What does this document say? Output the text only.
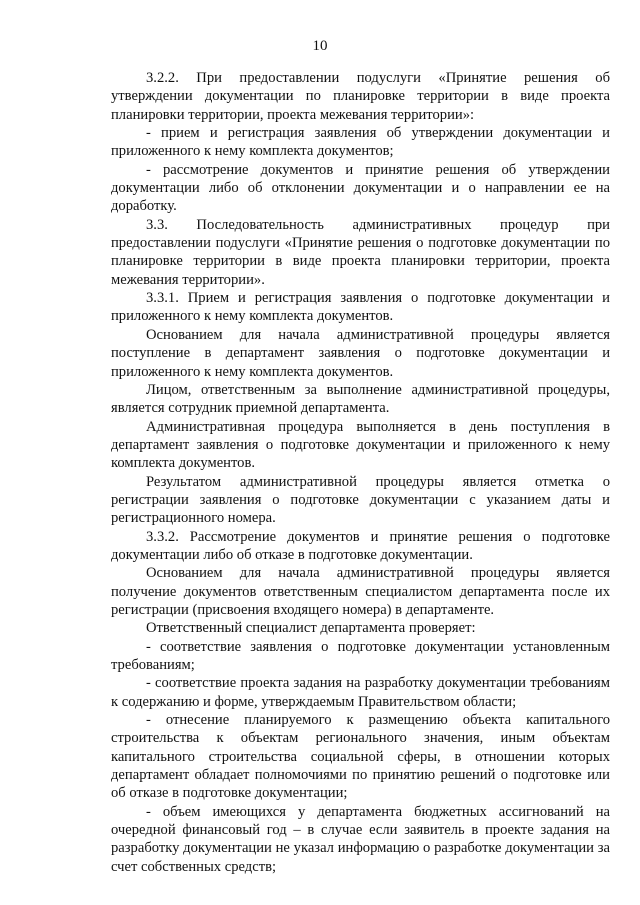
10

3.2.2. При предоставлении подуслуги «Принятие решения об утверждении документации по планировке территории в виде проекта планировки территории, проекта межевания территории»:

- прием и регистрация заявления об утверждении документации и приложенного к нему комплекта документов;

- рассмотрение документов и принятие решения об утверждении документации либо об отклонении документации и о направлении ее на доработку.

3.3. Последовательность административных процедур при предоставлении подуслуги «Принятие решения о подготовке документации по планировке территории в виде проекта планировки территории, проекта межевания территории».

3.3.1. Прием и регистрация заявления о подготовке документации и приложенного к нему комплекта документов.

Основанием для начала административной процедуры является поступление в департамент заявления о подготовке документации и приложенного к нему комплекта документов.

Лицом, ответственным за выполнение административной процедуры, является сотрудник приемной департамента.

Административная процедура выполняется в день поступления в департамент заявления о подготовке документации и приложенного к нему комплекта документов.

Результатом административной процедуры является отметка о регистрации заявления о подготовке документации с указанием даты и регистрационного номера.

3.3.2. Рассмотрение документов и принятие решения о подготовке документации либо об отказе в подготовке документации.

Основанием для начала административной процедуры является получение документов ответственным специалистом департамента после их регистрации (присвоения входящего номера) в департаменте.

Ответственный специалист департамента проверяет:

- соответствие заявления о подготовке документации установленным требованиям;

- соответствие проекта задания на разработку документации требованиям к содержанию и форме, утверждаемым Правительством области;

- отнесение планируемого к размещению объекта капитального строительства к объектам регионального значения, иным объектам капитального строительства социальной сферы, в отношении которых департамент обладает полномочиями по принятию решений о подготовке или об отказе в подготовке документации;

- объем имеющихся у департамента бюджетных ассигнований на очередной финансовый год – в случае если заявитель в проекте задания на разработку документации не указал информацию о разработке документации за счет собственных средств;
